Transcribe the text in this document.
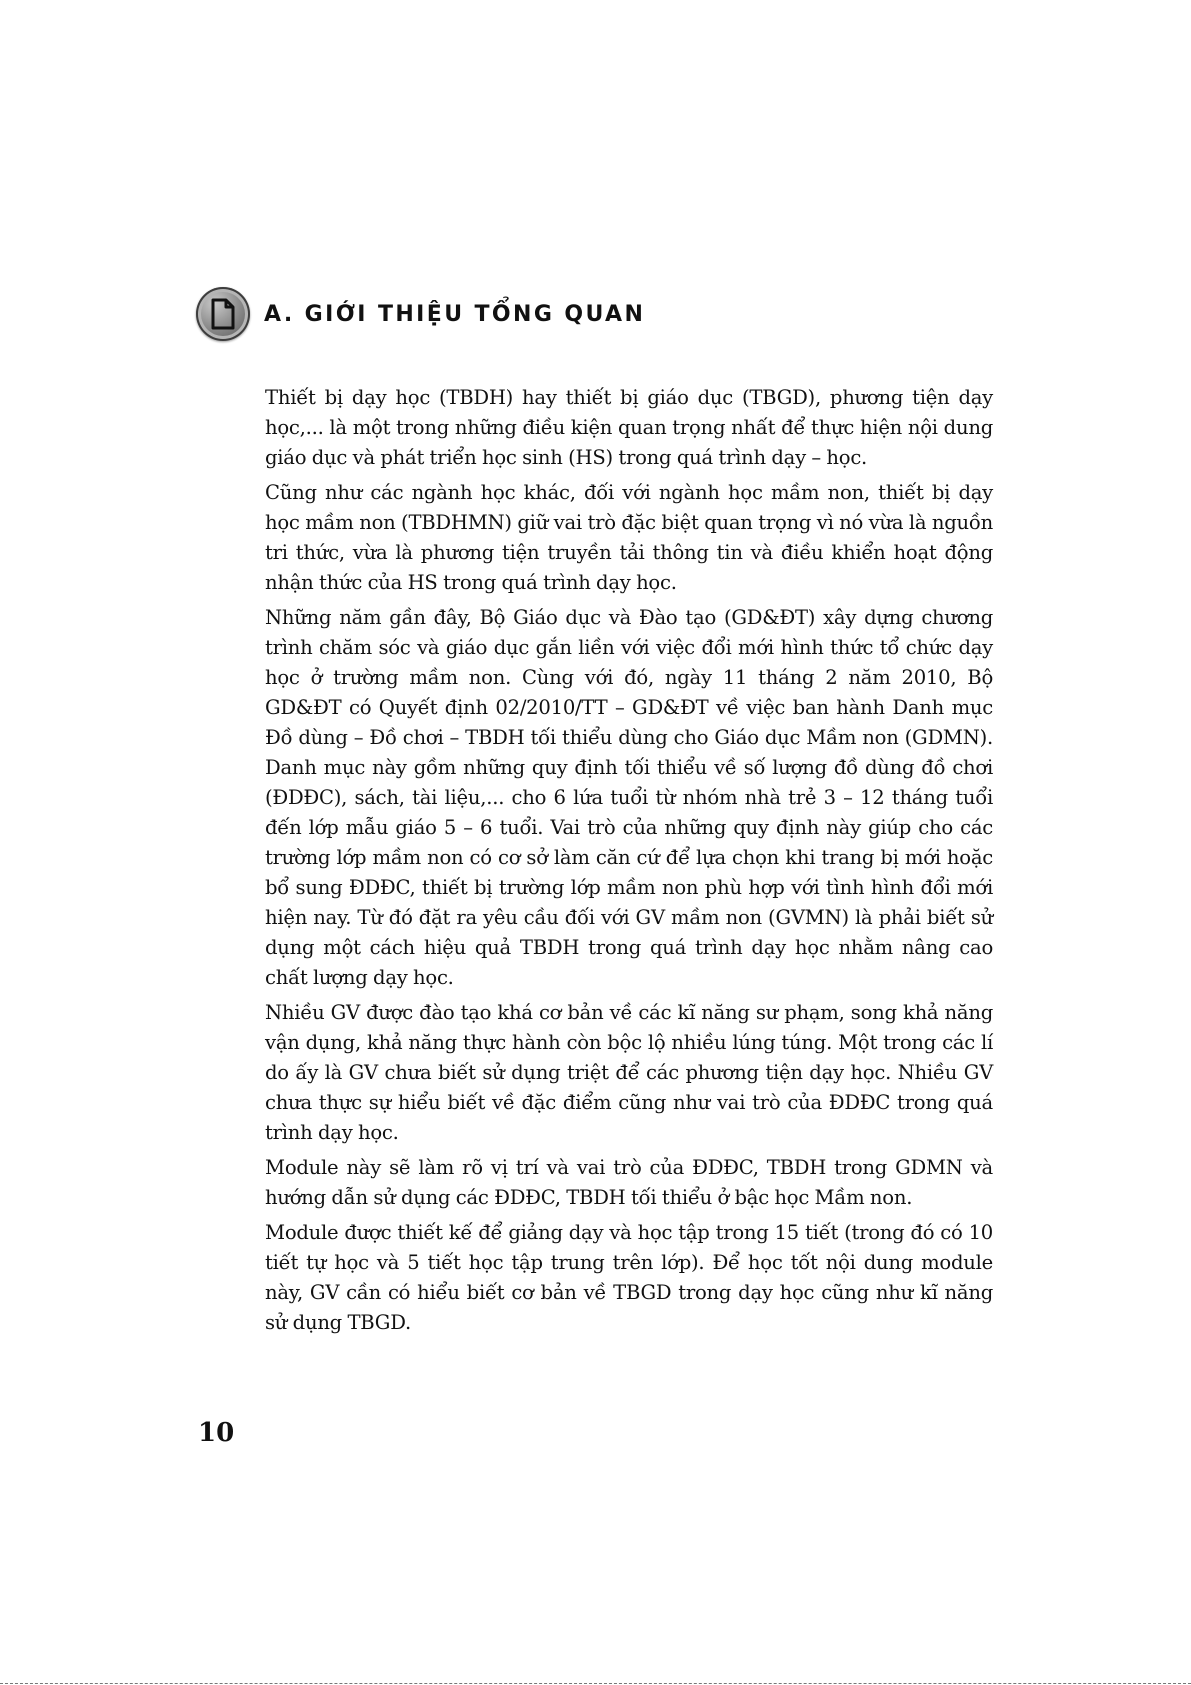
A. GIỚI THIỆU TỔNG QUAN

Thiết bị dạy học (TBDH) hay thiết bị giáo dục (TBGD), phương tiện dạy học,... là một trong những điều kiện quan trọng nhất để thực hiện nội dung giáo dục và phát triển học sinh (HS) trong quá trình dạy – học.

Cũng như các ngành học khác, đối với ngành học mầm non, thiết bị dạy học mầm non (TBDHMN) giữ vai trò đặc biệt quan trọng vì nó vừa là nguồn tri thức, vừa là phương tiện truyền tải thông tin và điều khiển hoạt động nhận thức của HS trong quá trình dạy học.

Những năm gần đây, Bộ Giáo dục và Đào tạo (GD&ĐT) xây dựng chương trình chăm sóc và giáo dục gắn liền với việc đổi mới hình thức tổ chức dạy học ở trường mầm non. Cùng với đó, ngày 11 tháng 2 năm 2010, Bộ GD&ĐT có Quyết định 02/2010/TT – GD&ĐT về việc ban hành Danh mục Đồ dùng – Đồ chơi – TBDH tối thiểu dùng cho Giáo dục Mầm non (GDMN). Danh mục này gồm những quy định tối thiểu về số lượng đồ dùng đồ chơi (ĐDĐC), sách, tài liệu,... cho 6 lứa tuổi từ nhóm nhà trẻ 3 – 12 tháng tuổi đến lớp mẫu giáo 5 – 6 tuổi. Vai trò của những quy định này giúp cho các trường lớp mầm non có cơ sở làm căn cứ để lựa chọn khi trang bị mới hoặc bổ sung ĐDĐC, thiết bị trường lớp mầm non phù hợp với tình hình đổi mới hiện nay. Từ đó đặt ra yêu cầu đối với GV mầm non (GVMN) là phải biết sử dụng một cách hiệu quả TBDH trong quá trình dạy học nhằm nâng cao chất lượng dạy học.

Nhiều GV được đào tạo khá cơ bản về các kĩ năng sư phạm, song khả năng vận dụng, khả năng thực hành còn bộc lộ nhiều lúng túng. Một trong các lí do ấy là GV chưa biết sử dụng triệt để các phương tiện dạy học. Nhiều GV chưa thực sự hiểu biết về đặc điểm cũng như vai trò của ĐDĐC trong quá trình dạy học.

Module này sẽ làm rõ vị trí và vai trò của ĐDĐC, TBDH trong GDMN và hướng dẫn sử dụng các ĐDĐC, TBDH tối thiểu ở bậc học Mầm non.

Module được thiết kế để giảng dạy và học tập trong 15 tiết (trong đó có 10 tiết tự học và 5 tiết học tập trung trên lớp). Để học tốt nội dung module này, GV cần có hiểu biết cơ bản về TBGD trong dạy học cũng như kĩ năng sử dụng TBGD.

10
